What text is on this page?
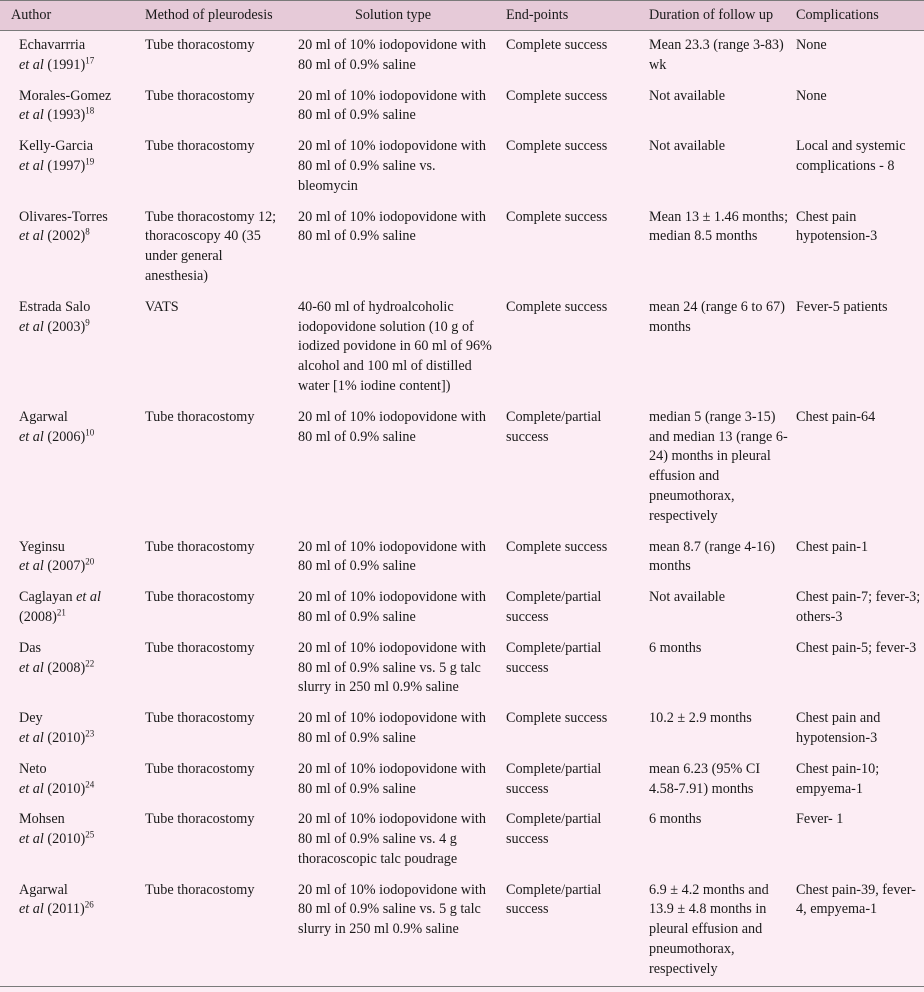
Author	Method of pleurodesis	Solution type	End-points	Duration of follow up	Complications
Echavarrria
et al $(1991)^{17}$	Tube thoracostomy	20 ml of 10% iodopovidone with 80 ml of 0.9% saline	Complete success	Mean 23.3 (range 3-83) wk	None
Morales-Gomez
et al $(1993)^{18}$	Tube thoracostomy	20 ml of 10% iodopovidone with 80 ml of 0.9% saline	Complete success	Not available	None
Kelly-Garcia
et al $(1997)^{19}$	Tube thoracostomy	20 ml of 10% iodopovidone with 80 ml of 0.9% saline vs. bleomycin	Complete success	Not available	Local and systemic complications - 8
Olivares-Torres
et al $(2002)^8$	Tube thoracostomy 12; thoracoscopy 40 (35 under general anesthesia)	20 ml of 10% iodopovidone with 80 ml of 0.9% saline	Complete success	Mean 13 ± 1.46 months; median 8.5 months	Chest pain hypotension-3
Estrada Salo
et al $(2003)^9$	VATS	40-60 ml of hydroalcoholic iodopovidone solution (10 g of iodized povidone in 60 ml of 96% alcohol and 100 ml of distilled water [1% iodine content])	Complete success	mean 24 (range 6 to 67) months	Fever-5 patients
Agarwal
et al $(2006)^{10}$	Tube thoracostomy	20 ml of 10% iodopovidone with 80 ml of 0.9% saline	Complete/partial success	median 5 (range 3-15) and median 13 (range 6-24) months in pleural effusion and pneumothorax, respectively	Chest pain-64
Yeginsu
et al $(2007)^{20}$	Tube thoracostomy	20 ml of 10% iodopovidone with 80 ml of 0.9% saline	Complete success	mean 8.7 (range 4-16) months	Chest pain-1
Caglayan et al
$(2008)^{21}$	Tube thoracostomy	20 ml of 10% iodopovidone with 80 ml of 0.9% saline	Complete/partial success	Not available	Chest pain-7; fever-3; others-3
Das
et al $(2008)^{22}$	Tube thoracostomy	20 ml of 10% iodopovidone with 80 ml of 0.9% saline vs. 5 g talc slurry in 250 ml 0.9% saline	Complete/partial success	6 months	Chest pain-5; fever-3
Dey
et al $(2010)^{23}$	Tube thoracostomy	20 ml of 10% iodopovidone with 80 ml of 0.9% saline	Complete success	10.2 ± 2.9 months	Chest pain and hypotension-3
Neto
et al $(2010)^{24}$	Tube thoracostomy	20 ml of 10% iodopovidone with 80 ml of 0.9% saline	Complete/partial success	mean 6.23 (95% CI 4.58-7.91) months	Chest pain-10; empyema-1
Mohsen
et al $(2010)^{25}$	Tube thoracostomy	20 ml of 10% iodopovidone with 80 ml of 0.9% saline vs. 4 g thoracoscopic talc poudrage	Complete/partial success	6 months	Fever- 1
Agarwal
et al $(2011)^{26}$	Tube thoracostomy	20 ml of 10% iodopovidone with 80 ml of 0.9% saline vs. 5 g talc slurry in 250 ml 0.9% saline	Complete/partial success	6.9 ± 4.2 months and 13.9 ± 4.8 months in pleural effusion and pneumothorax, respectively	Chest pain-39, fever-4, empyema-1
